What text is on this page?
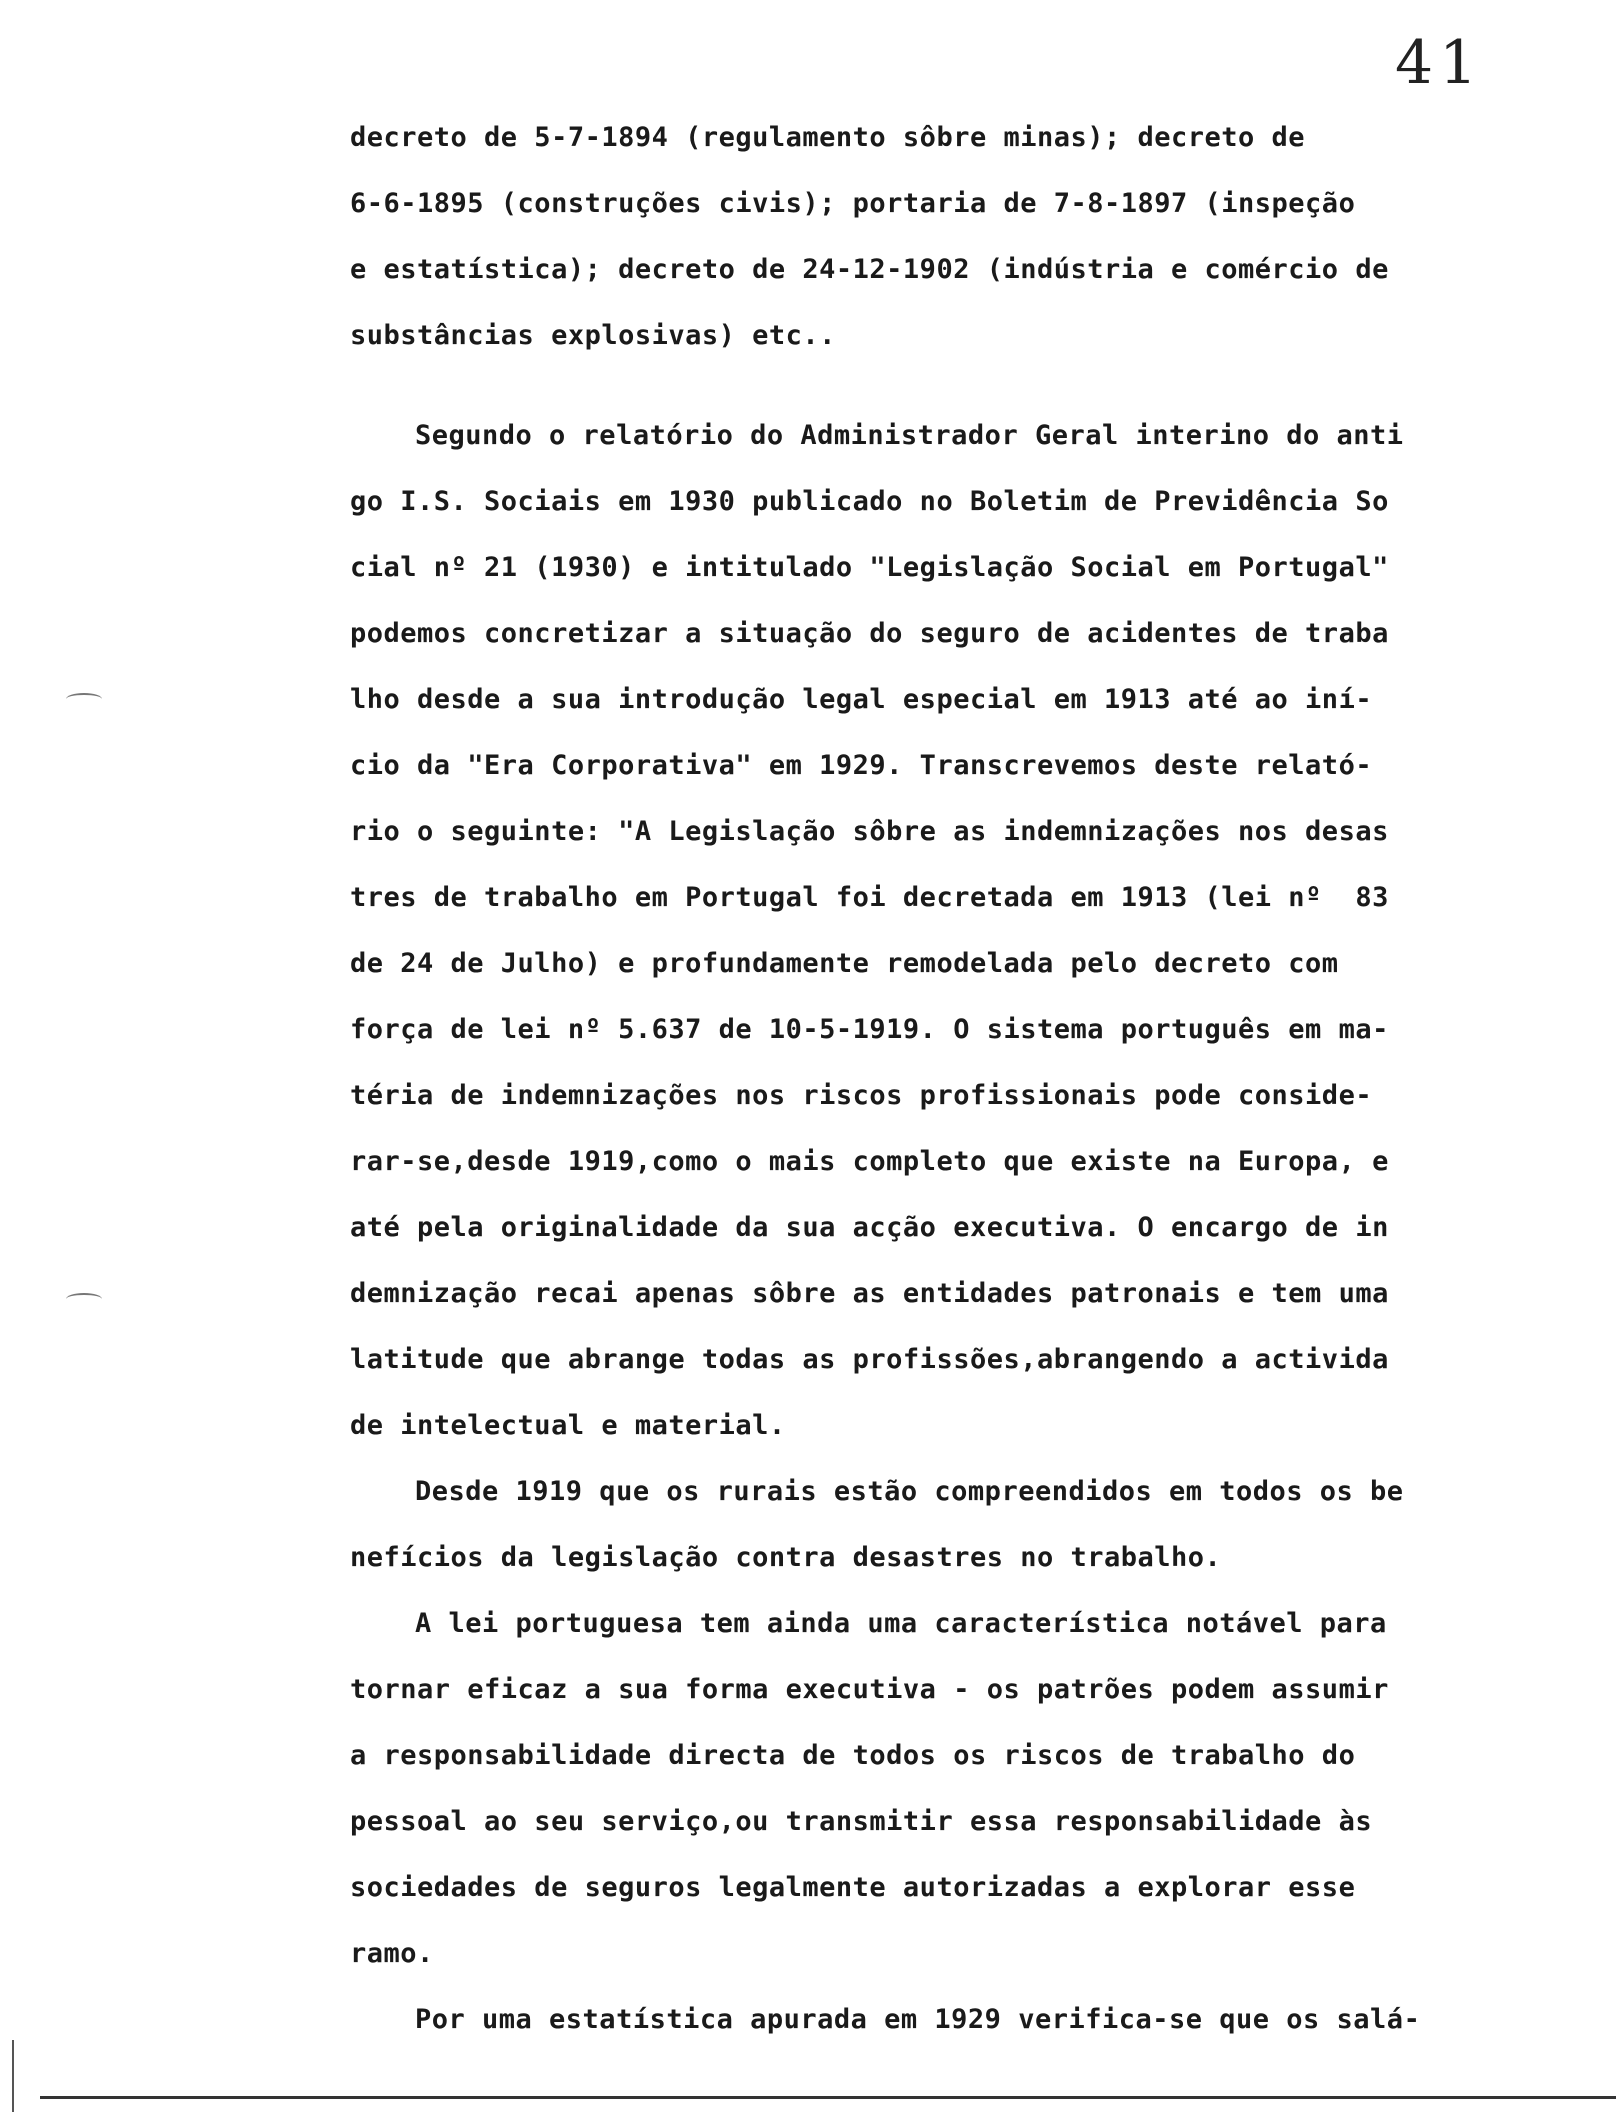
41
decreto de 5-7-1894 (regulamento sôbre minas); decreto de
6-6-1895 (construções civis); portaria de 7-8-1897 (inspeção
e estatística); decreto de 24-12-1902 (indústria e comércio de
substâncias explosivas) etc..
Segundo o relatório do Administrador Geral interino do anti
go I.S. Sociais em 1930 publicado no Boletim de Previdência So
cial nº 21 (1930) e intitulado "Legislação Social em Portugal"
podemos concretizar a situação do seguro de acidentes de traba
lho desde a sua introdução legal especial em 1913 até ao iní-
cio da "Era Corporativa" em 1929. Transcrevemos deste relató-
rio o seguinte: "A Legislação sôbre as indemnizações nos desas
tres de trabalho em Portugal foi decretada em 1913 (lei nº  83
de 24 de Julho) e profundamente remodelada pelo decreto com
força de lei nº 5.637 de 10-5-1919. O sistema português em ma-
téria de indemnizações nos riscos profissionais pode conside-
rar-se,desde 1919,como o mais completo que existe na Europa, e
até pela originalidade da sua acção executiva. O encargo de in
demnização recai apenas sôbre as entidades patronais e tem uma
latitude que abrange todas as profissões,abrangendo a activida
de intelectual e material.
Desde 1919 que os rurais estão compreendidos em todos os be
nefícios da legislação contra desastres no trabalho.
A lei portuguesa tem ainda uma característica notável para
tornar eficaz a sua forma executiva - os patrões podem assumir
a responsabilidade directa de todos os riscos de trabalho do
pessoal ao seu serviço,ou transmitir essa responsabilidade às
sociedades de seguros legalmente autorizadas a explorar esse
ramo.
Por uma estatística apurada em 1929 verifica-se que os salá-
